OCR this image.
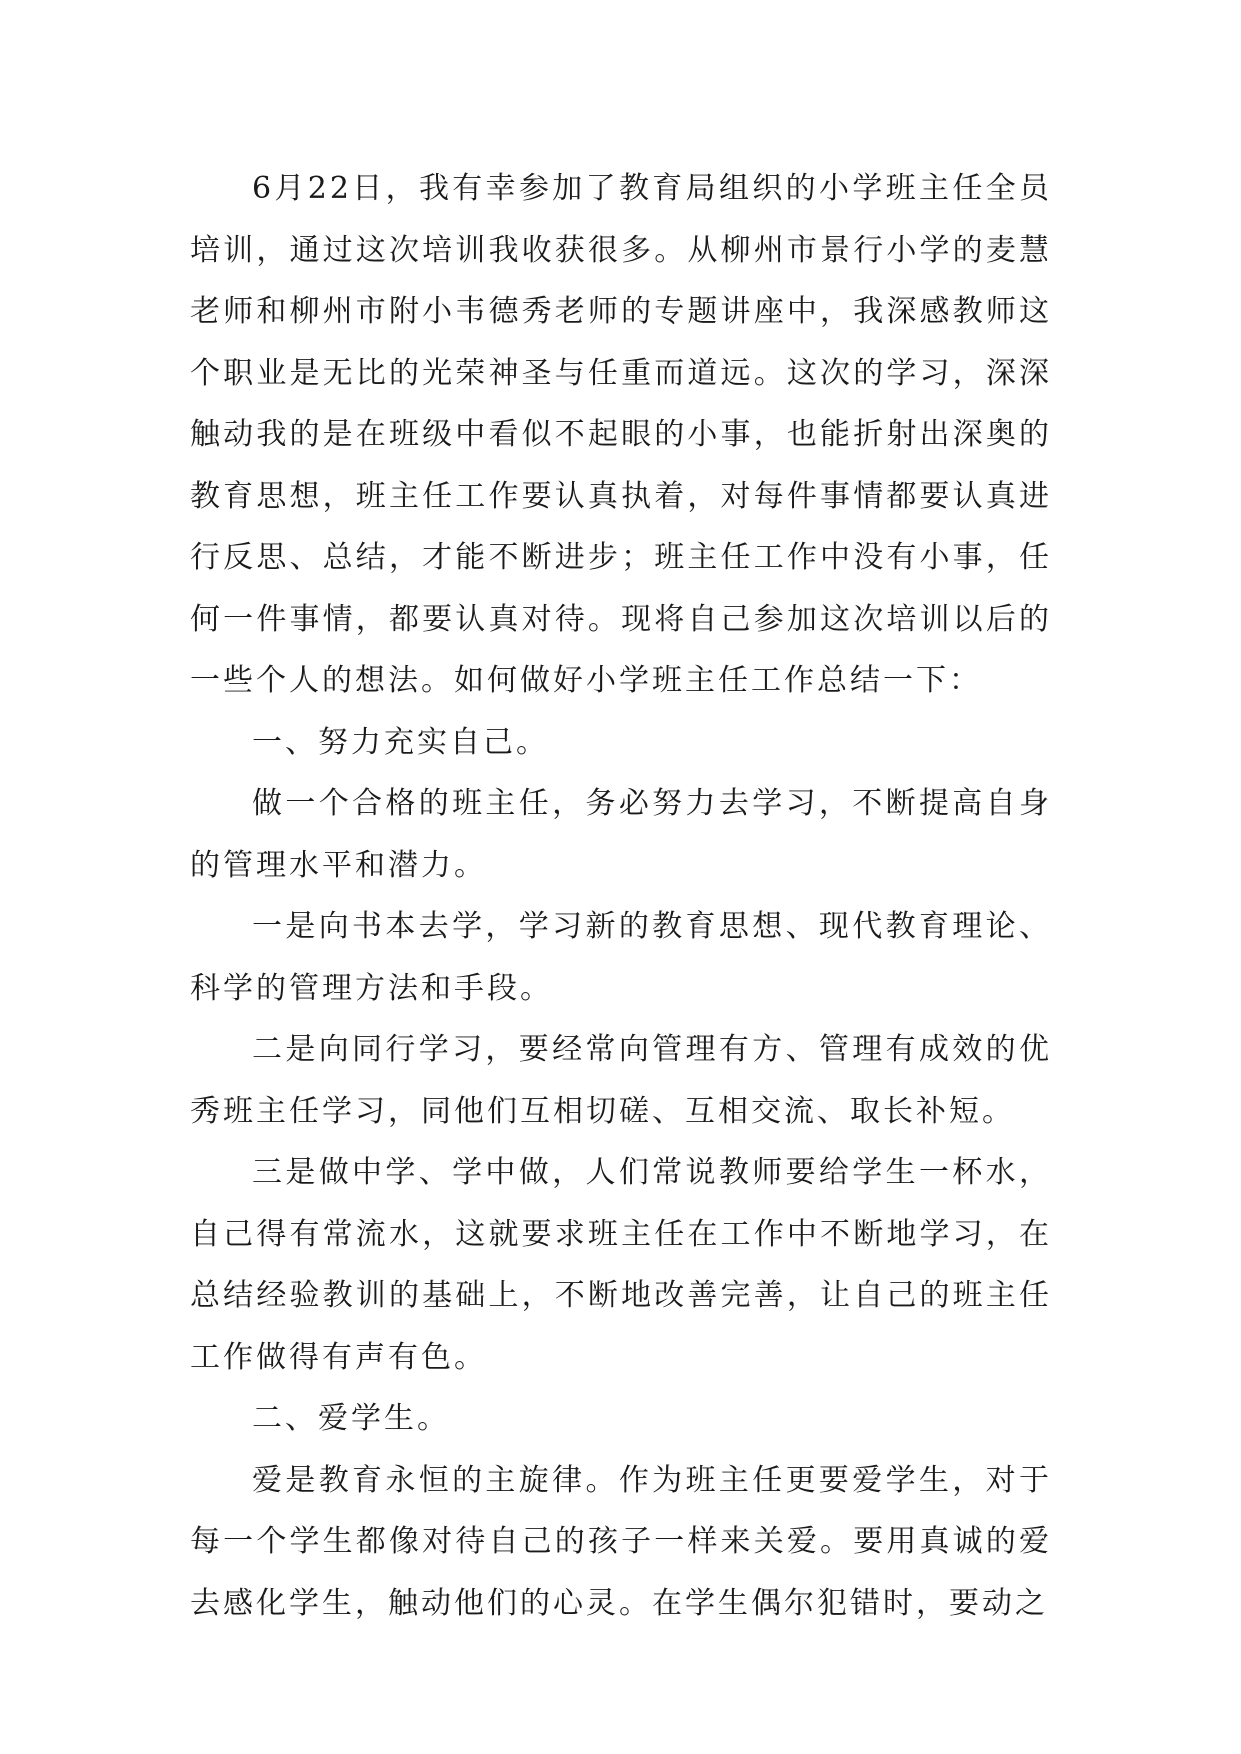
6月22日，我有幸参加了教育局组织的小学班主任全员培训，通过这次培训我收获很多。从柳州市景行小学的麦慧老师和柳州市附小韦德秀老师的专题讲座中，我深感教师这个职业是无比的光荣神圣与任重而道远。这次的学习，深深触动我的是在班级中看似不起眼的小事，也能折射出深奥的教育思想，班主任工作要认真执着，对每件事情都要认真进行反思、总结，才能不断进步；班主任工作中没有小事，任何一件事情，都要认真对待。现将自己参加这次培训以后的一些个人的想法。如何做好小学班主任工作总结一下：

一、努力充实自己。

做一个合格的班主任，务必努力去学习，不断提高自身的管理水平和潜力。

一是向书本去学，学习新的教育思想、现代教育理论、科学的管理方法和手段。

二是向同行学习，要经常向管理有方、管理有成效的优秀班主任学习，同他们互相切磋、互相交流、取长补短。

三是做中学、学中做，人们常说教师要给学生一杯水，自己得有常流水，这就要求班主任在工作中不断地学习，在总结经验教训的基础上，不断地改善完善，让自己的班主任工作做得有声有色。

二、爱学生。

爱是教育永恒的主旋律。作为班主任更要爱学生，对于每一个学生都像对待自己的孩子一样来关爱。要用真诚的爱去感化学生，触动他们的心灵。在学生偶尔犯错时，要动之
